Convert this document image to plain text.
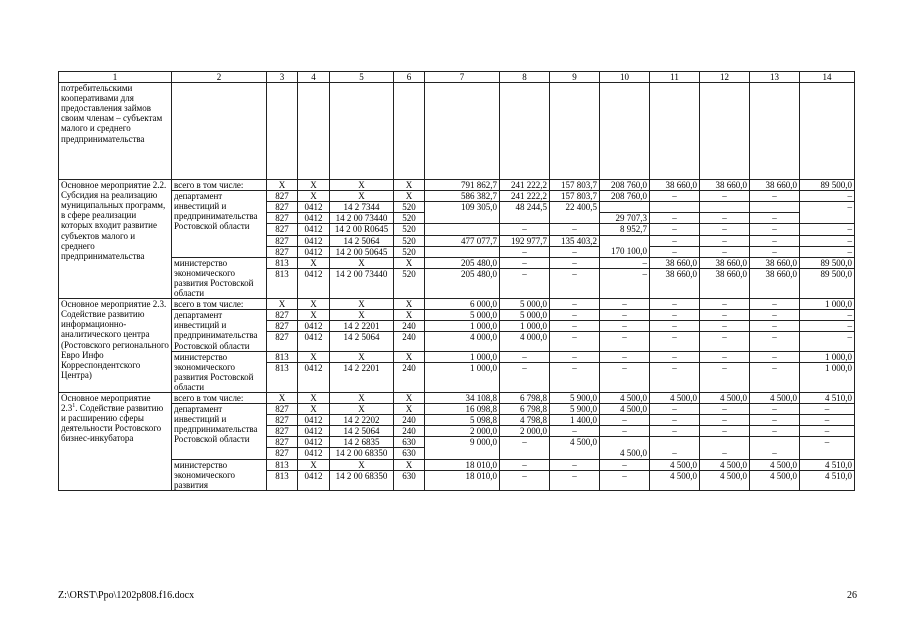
1	2	3	4	5	6	7	8	9	10	11	12	13	14
потребительскими кооперативами для предоставления займов своим членам – субъектам малого и среднего предпринимательства													
Основное мероприятие 2.2. Субсидия на реализацию муниципальных программ, в сфере реализации которых входит развитие субъектов малого и среднего предпринимательства	всего в том числе:	Х	Х	Х	Х	791 862,7	241 222,2	157 803,7	208 760,0	38 660,0	38 660,0	38 660,0	89 500,0
	департамент инвестиций и предпринимательства Ростовской области	827	Х	Х	Х	586 382,7	241 222,2	157 803,7	208 760,0	–	–	–	–
		827	0412	14 2 7344	520	109 305,0	48 244,5	22 400,5					–
		827	0412	14 2 00 73440	520				29 707,3	–	–	–	
		827	0412	14 2 00 R0645	520		–	–	8 952,7	–	–	–	–
		827	0412	14 2 5064	520	477 077,7	192 977,7	135 403,2		–	–	–	–
		827	0412	14 2 00 50645	520		–	–	170 100,0	–	–	–	–
	министерство экономического развития Ростовской области	813	Х	Х	Х	205 480,0	–	–	–	38 660,0	38 660,0	38 660,0	89 500,0
		813	0412	14 2 00 73440	520	205 480,0	–	–	–	38 660,0	38 660,0	38 660,0	89 500,0

Основное мероприятие 2.3. Содействие развитию информационно-аналитического центра (Ростовского регионального Евро Инфо Корреспондентского Центра)	всего в том числе:	Х	Х	Х	Х	6 000,0	5 000,0	–	–	–	–	–	1 000,0
	департамент инвестиций и предпринимательства Ростовской области	827	Х	Х	Х	5 000,0	5 000,0	–	–	–	–	–	–
		827	0412	14 2 2201	240	1 000,0	1 000,0	–	–	–	–	–	–
		827	0412	14 2 5064	240	4 000,0	4 000,0	–	–	–	–	–	–

	министерство экономического развития Ростовской области	813	Х	Х	Х	1 000,0	–	–	–	–	–	–	1 000,0
		813	0412	14 2 2201	240	1 000,0	–	–	–	–	–	–	1 000,0

Основное мероприятие $2.3^1$. Содействие развитию и расширению сферы деятельности Ростовского бизнес-инкубатора	всего в том числе:	Х	Х	Х	Х	34 108,8	6 798,8	5 900,0	4 500,0	4 500,0	4 500,0	4 500,0	4 510,0
	департамент инвестиций и предпринимательства Ростовской области	827	Х	Х	Х	16 098,8	6 798,8	5 900,0	4 500,0	–	–	–	–
		827	0412	14 2 2202	240	5 098,8	4 798,8	1 400,0	–	–	–	–	–
		827	0412	14 2 5064	240	2 000,0	2 000,0	–	–	–	–	–	–
		827	0412	14 2 6835	630	9 000,0	–	4 500,0					–
		827	0412	14 2 00 68350	630				4 500,0	–	–	–	
	министерство экономического развития	813	Х	Х	Х	18 010,0	–	–	–	4 500,0	4 500,0	4 500,0	4 510,0
		813	0412	14 2 00 68350	630	18 010,0	–	–	–	4 500,0	4 500,0	4 500,0	4 510,0

Z:\ORST\Ppo\1202p808.f16.docx	26
